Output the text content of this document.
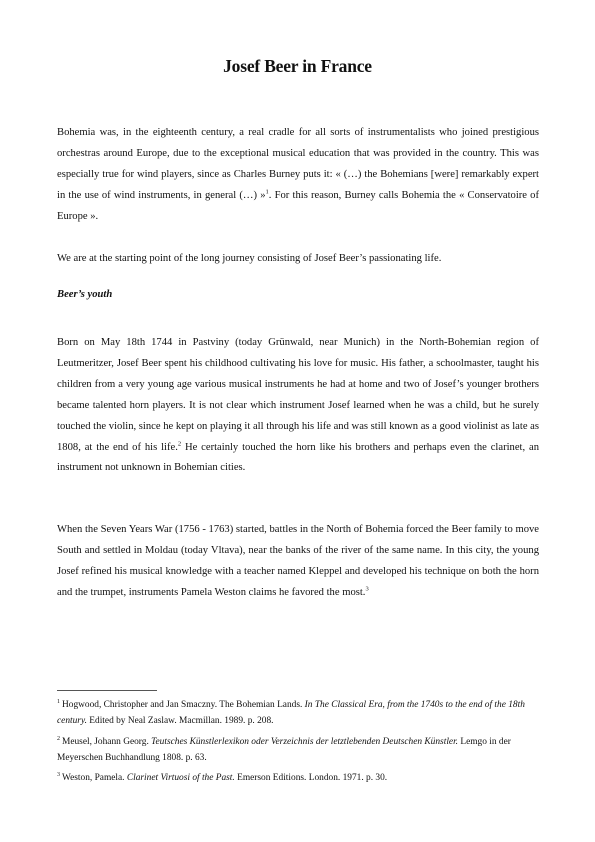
Josef Beer in France

Bohemia was, in the eighteenth century, a real cradle for all sorts of instrumentalists who joined prestigious orchestras around Europe, due to the exceptional musical education that was provided in the country. This was especially true for wind players, since as Charles Burney puts it: « (…) the Bohemians [were] remarkably expert in the use of wind instruments, in general (…) »$^1$. For this reason, Burney calls Bohemia the « Conservatoire of Europe ».

We are at the starting point of the long journey consisting of Josef Beer’s passionating life.

Beer’s youth

Born on May 18th 1744 in Pastviny (today Grünwald, near Munich) in the North-Bohemian region of Leutmeritzer, Josef Beer spent his childhood cultivating his love for music. His father, a schoolmaster, taught his children from a very young age various musical instruments he had at home and two of Josef’s younger brothers became talented horn players. It is not clear which instrument Josef learned when he was a child, but he surely touched the violin, since he kept on playing it all through his life and was still known as a good violinist as late as 1808, at the end of his life.$^2$ He certainly touched the horn like his brothers and perhaps even the clarinet, an instrument not unknown in Bohemian cities.

When the Seven Years War (1756 - 1763) started, battles in the North of Bohemia forced the Beer family to move South and settled in Moldau (today Vltava), near the banks of the river of the same name. In this city, the young Josef refined his musical knowledge with a teacher named Kleppel and developed his technique on both the horn and the trumpet, instruments Pamela Weston claims he favored the most.$^3$

$^1$ Hogwood, Christopher and Jan Smaczny. The Bohemian Lands. In The Classical Era, from the 1740s to the end of the 18th century. Edited by Neal Zaslaw. Macmillan. 1989. p. 208.

$^2$ Meusel, Johann Georg. Teutsches Künstlerlexikon oder Verzeichnis der letztlebenden Deutschen Künstler. Lemgo in der Meyerschen Buchhandlung 1808. p. 63.

$^3$ Weston, Pamela. Clarinet Virtuosi of the Past. Emerson Editions. London. 1971. p. 30.
